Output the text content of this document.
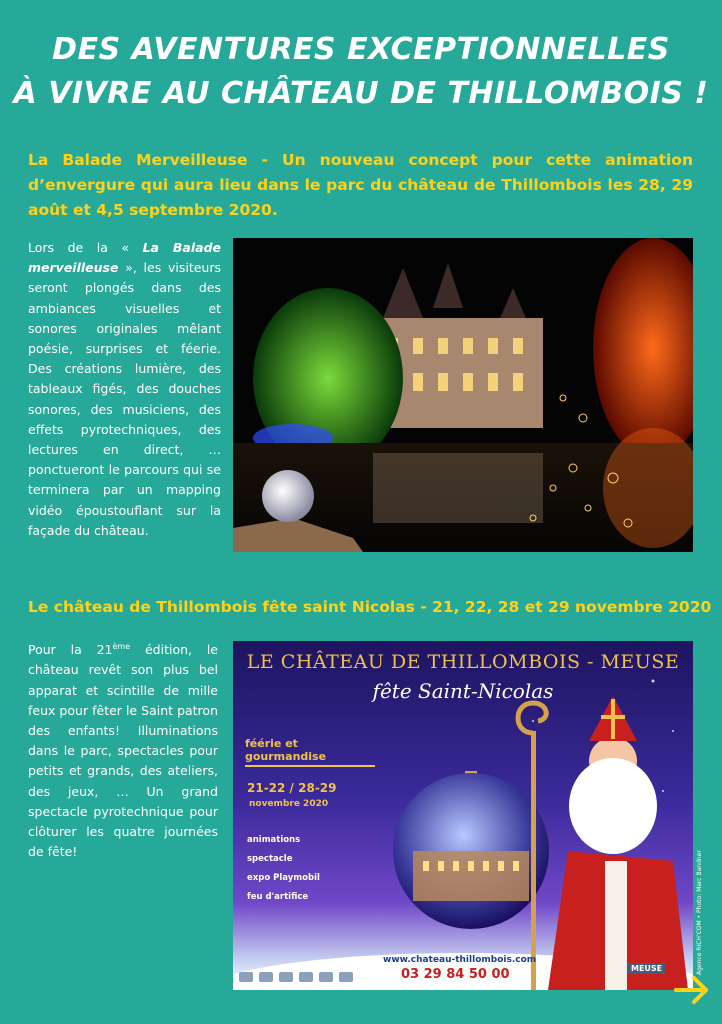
DES AVENTURES EXCEPTIONNELLES
À VIVRE AU CHÂTEAU DE THILLOMBOIS !
La Balade Merveilleuse - Un nouveau concept pour cette animation d’envergure qui aura lieu dans le parc du château de Thillombois les 28, 29 août et 4,5 septembre 2020.
Lors de la « La Balade merveilleuse », les visiteurs seront plongés dans des ambiances visuelles et sonores originales mêlant poésie, surprises et féerie. Des créations lumière, des tableaux figés, des douches sonores, des musiciens, des effets pyrotechniques, des lectures en direct, … ponctueront le parcours qui se terminera par un mapping vidéo époustouflant sur la façade du château.
Le château de Thillombois fête saint Nicolas - 21, 22, 28 et 29 novembre 2020
Pour la 21ème édition, le château revêt son plus bel apparat et scintille de mille feux pour fêter le Saint patron des enfants! Illuminations dans le parc, spectacles pour petits et grands, des ateliers, des jeux, … Un grand spectacle pyrotechnique pour clôturer les quatre journées de fête!
LE CHÂTEAU DE THILLOMBOIS - MEUSE
fête Saint-Nicolas
féérie et
gourmandise
21-22 / 28-29
novembre 2020
animations
spectacle
expo Playmobil
feu d'artifice
www.chateau-thillombois.com
03 29 84 50 00	MEUSE	Agence RICH'COM • Photo: Marc Bandner
